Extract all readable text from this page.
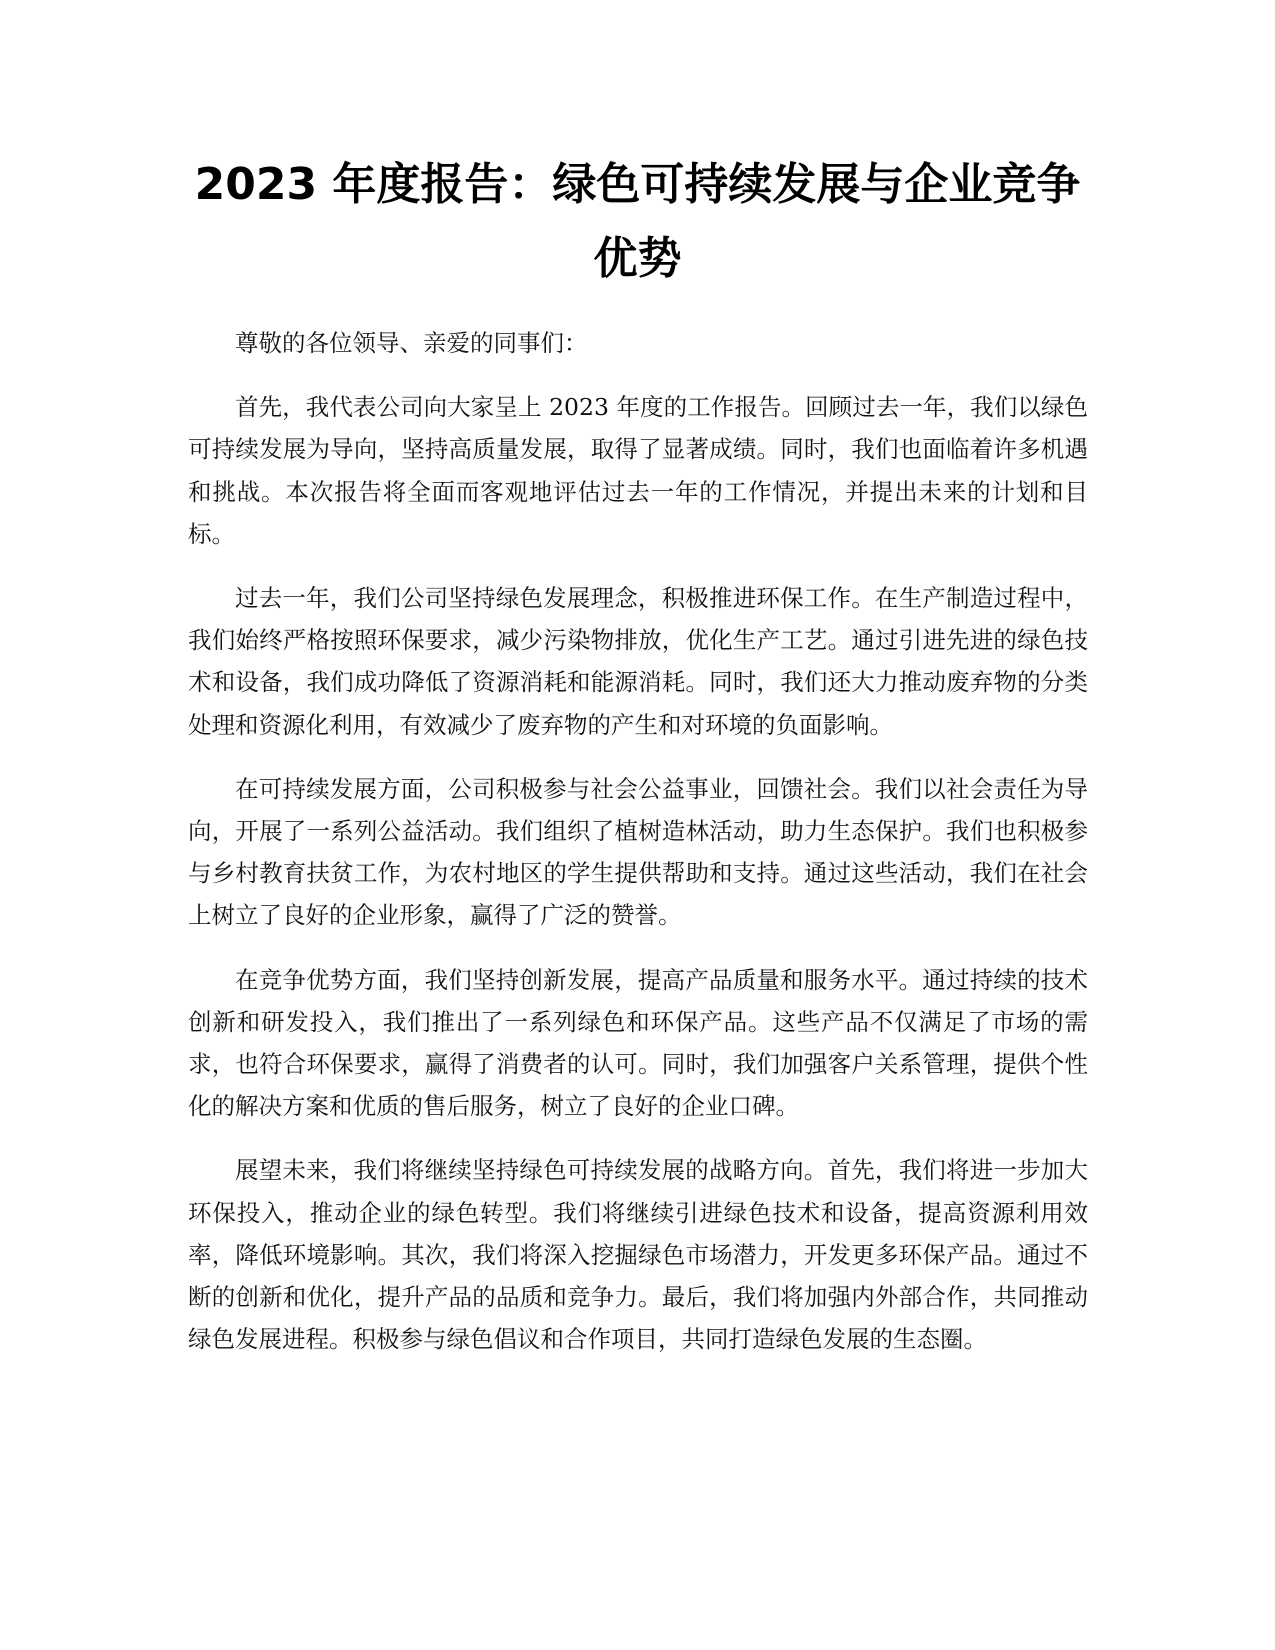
2023 年度报告：绿色可持续发展与企业竞争
优势

尊敬的各位领导、亲爱的同事们：

首先，我代表公司向大家呈上 2023 年度的工作报告。回顾过去一年，我们以绿色可持续发展为导向，坚持高质量发展，取得了显著成绩。同时，我们也面临着许多机遇和挑战。本次报告将全面而客观地评估过去一年的工作情况，并提出未来的计划和目标。

过去一年，我们公司坚持绿色发展理念，积极推进环保工作。在生产制造过程中，我们始终严格按照环保要求，减少污染物排放，优化生产工艺。通过引进先进的绿色技术和设备，我们成功降低了资源消耗和能源消耗。同时，我们还大力推动废弃物的分类处理和资源化利用，有效减少了废弃物的产生和对环境的负面影响。

在可持续发展方面，公司积极参与社会公益事业，回馈社会。我们以社会责任为导向，开展了一系列公益活动。我们组织了植树造林活动，助力生态保护。我们也积极参与乡村教育扶贫工作，为农村地区的学生提供帮助和支持。通过这些活动，我们在社会上树立了良好的企业形象，赢得了广泛的赞誉。

在竞争优势方面，我们坚持创新发展，提高产品质量和服务水平。通过持续的技术创新和研发投入，我们推出了一系列绿色和环保产品。这些产品不仅满足了市场的需求，也符合环保要求，赢得了消费者的认可。同时，我们加强客户关系管理，提供个性化的解决方案和优质的售后服务，树立了良好的企业口碑。

展望未来，我们将继续坚持绿色可持续发展的战略方向。首先，我们将进一步加大环保投入，推动企业的绿色转型。我们将继续引进绿色技术和设备，提高资源利用效率，降低环境影响。其次，我们将深入挖掘绿色市场潜力，开发更多环保产品。通过不断的创新和优化，提升产品的品质和竞争力。最后，我们将加强内外部合作，共同推动绿色发展进程。积极参与绿色倡议和合作项目，共同打造绿色发展的生态圈。
